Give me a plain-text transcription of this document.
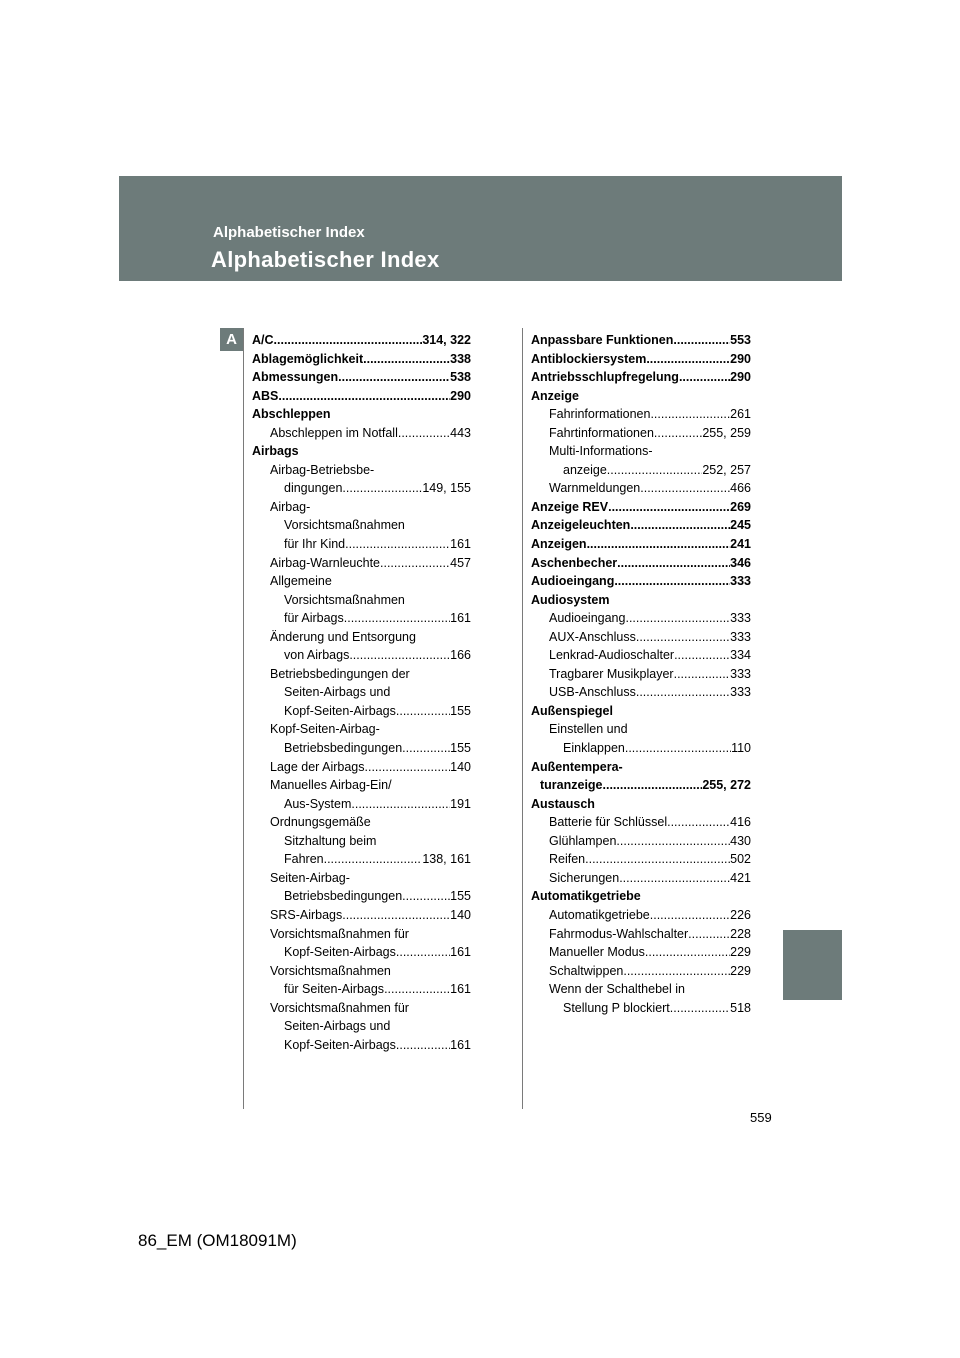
Alphabetischer Index
Alphabetischer Index
A	A/C .....	314, 322
Ablagemöglichkeit .....	338
Abmessungen .....	538
ABS .....	290
Abschleppen
Abschleppen im Notfall .....	443
Airbags
Airbag-Betriebsbe-
dingungen .....	149, 155
Airbag-
Vorsichtsmaßnahmen
für Ihr Kind .....	161
Airbag-Warnleuchte .....	457
Allgemeine
Vorsichtsmaßnahmen
für Airbags .....	161
Änderung und Entsorgung
von Airbags .....	166
Betriebsbedingungen der
Seiten-Airbags und
Kopf-Seiten-Airbags .....	155
Kopf-Seiten-Airbag-
Betriebsbedingungen .....	155
Lage der Airbags .....	140
Manuelles Airbag-Ein/
Aus-System .....	191
Ordnungsgemäße
Sitzhaltung beim
Fahren .....	138, 161
Seiten-Airbag-
Betriebsbedingungen .....	155
SRS-Airbags .....	140
Vorsichtsmaßnahmen für
Kopf-Seiten-Airbags .....	161
Vorsichtsmaßnahmen
für Seiten-Airbags .....	161
Vorsichtsmaßnahmen für
Seiten-Airbags und
Kopf-Seiten-Airbags .....	161
Anpassbare Funktionen .....	553
Antiblockiersystem .....	290
Antriebsschlupfregelung .....	290
Anzeige
Fahrinformationen .....	261
Fahrtinformationen .....	255, 259
Multi-Informations-
anzeige .....	252, 257
Warnmeldungen .....	466
Anzeige REV .....	269
Anzeigeleuchten .....	245
Anzeigen .....	241
Aschenbecher .....	346
Audioeingang .....	333
Audiosystem
Audioeingang .....	333
AUX-Anschluss .....	333
Lenkrad-Audioschalter .....	334
Tragbarer Musikplayer .....	333
USB-Anschluss .....	333
Außenspiegel
Einstellen und
Einklappen .....	110
Außentempera-
turanzeige .....	255, 272
Austausch
Batterie für Schlüssel .....	416
Glühlampen .....	430
Reifen .....	502
Sicherungen .....	421
Automatikgetriebe
Automatikgetriebe .....	226
Fahrmodus-Wahlschalter .....	228
Manueller Modus .....	229
Schaltwippen .....	229
Wenn der Schalthebel in
Stellung P blockiert .....	518
559
86_EM (OM18091M)
